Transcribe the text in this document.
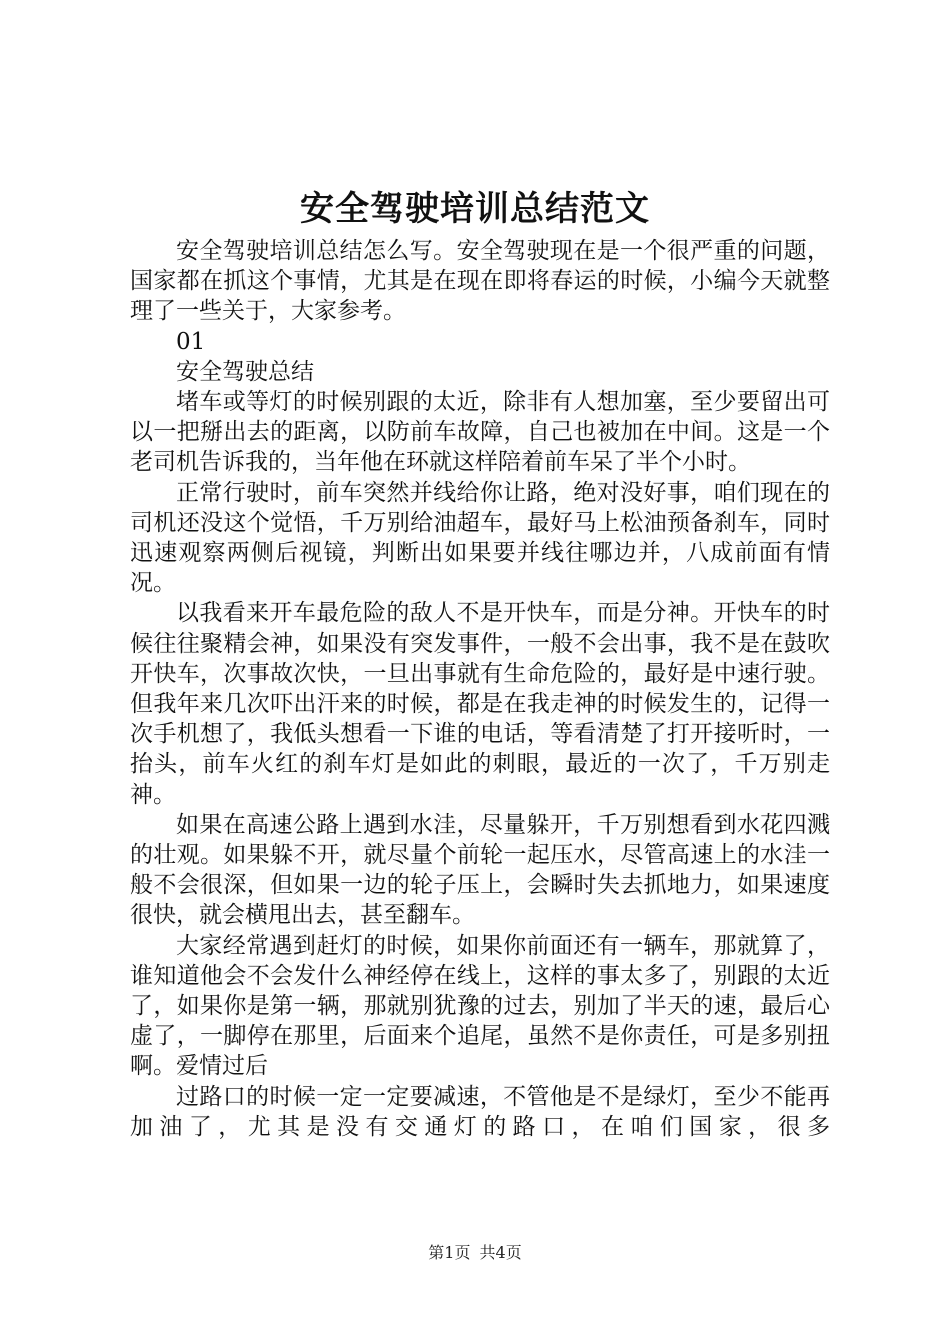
安全驾驶培训总结范文

安全驾驶培训总结怎么写。安全驾驶现在是一个很严重的问题，国家都在抓这个事情，尤其是在现在即将春运的时候，小编今天就整理了一些关于，大家参考。

01

安全驾驶总结

堵车或等灯的时候别跟的太近，除非有人想加塞，至少要留出可以一把掰出去的距离，以防前车故障，自己也被加在中间。这是一个老司机告诉我的，当年他在环就这样陪着前车呆了半个小时。

正常行驶时，前车突然并线给你让路，绝对没好事，咱们现在的司机还没这个觉悟，千万别给油超车，最好马上松油预备刹车，同时迅速观察两侧后视镜，判断出如果要并线往哪边并，八成前面有情况。

以我看来开车最危险的敌人不是开快车，而是分神。开快车的时候往往聚精会神，如果没有突发事件，一般不会出事，我不是在鼓吹开快车，次事故次快，一旦出事就有生命危险的，最好是中速行驶。但我年来几次吓出汗来的时候，都是在我走神的时候发生的，记得一次手机想了，我低头想看一下谁的电话，等看清楚了打开接听时，一抬头，前车火红的刹车灯是如此的刺眼，最近的一次了，千万别走神。

如果在高速公路上遇到水洼，尽量躲开，千万别想看到水花四溅的壮观。如果躲不开，就尽量个前轮一起压水，尽管高速上的水洼一般不会很深，但如果一边的轮子压上，会瞬时失去抓地力，如果速度很快，就会横甩出去，甚至翻车。

大家经常遇到赶灯的时候，如果你前面还有一辆车，那就算了，谁知道他会不会发什么神经停在线上，这样的事太多了，别跟的太近了，如果你是第一辆，那就别犹豫的过去，别加了半天的速，最后心虚了，一脚停在那里，后面来个追尾，虽然不是你责任，可是多别扭啊。爱情过后

过路口的时候一定一定要减速，不管他是不是绿灯，至少不能再加油了，尤其是没有交通灯的路口，在咱们国家，很多

第1页 共4页
